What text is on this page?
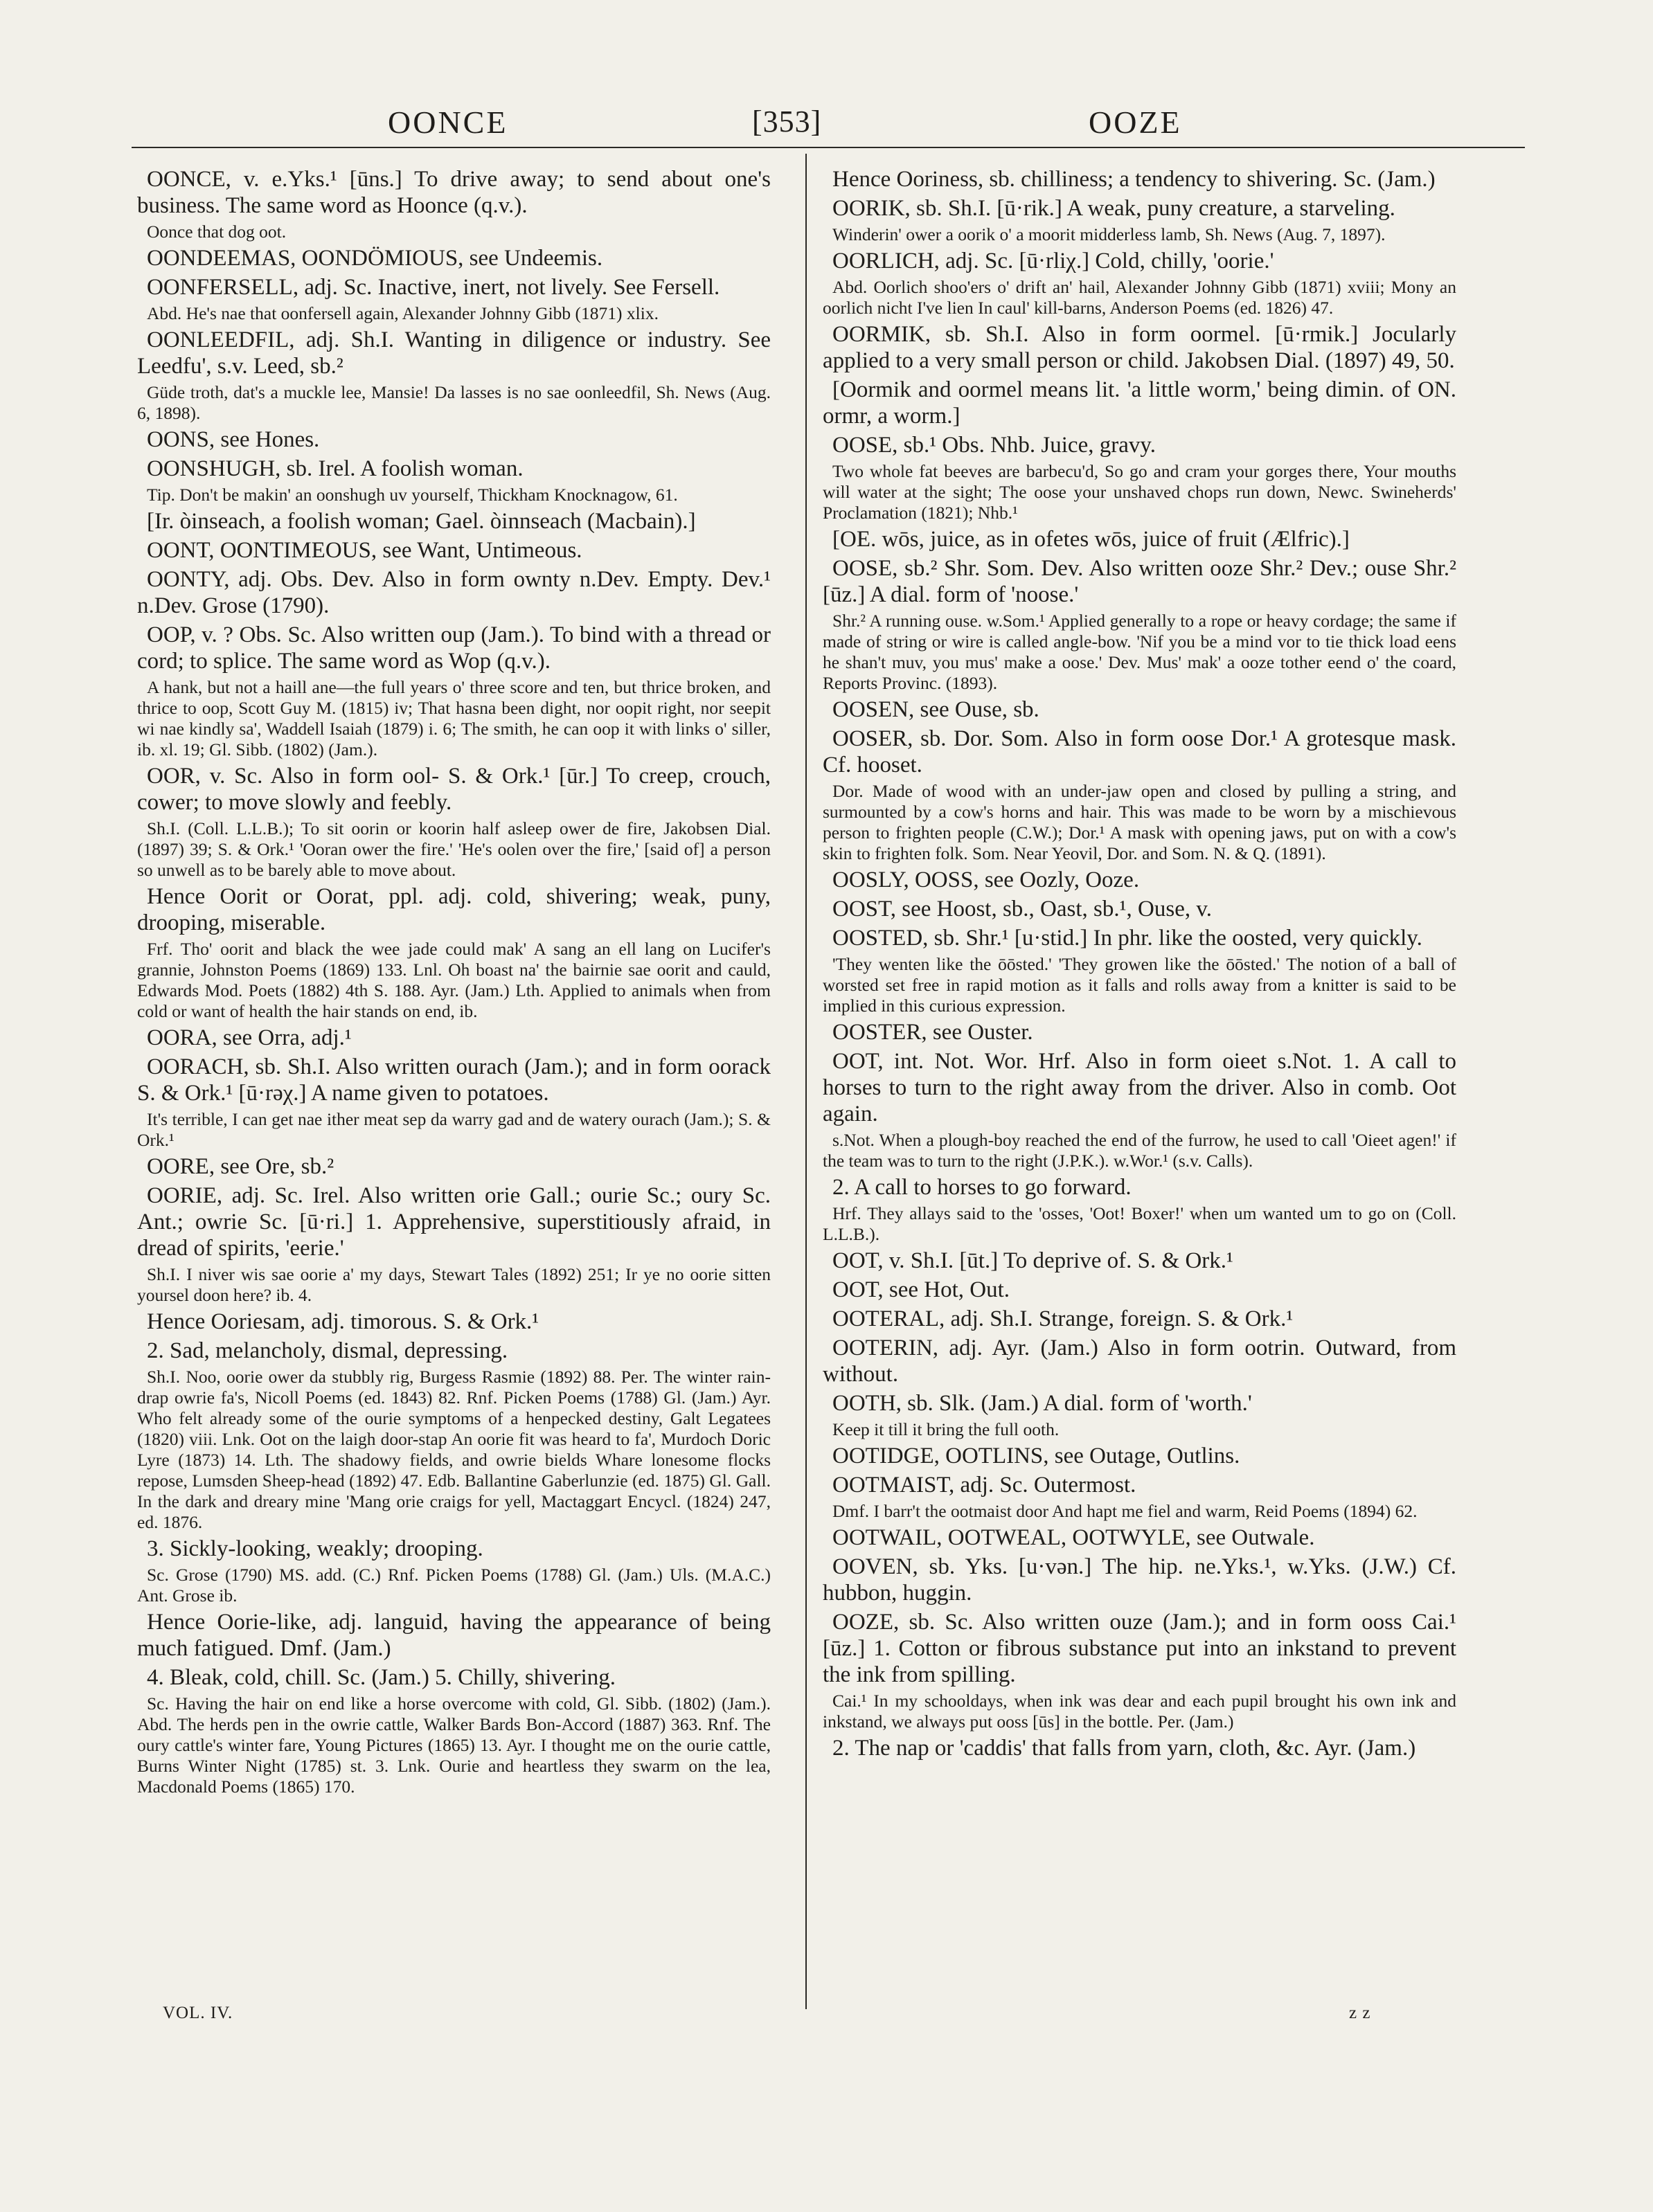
OONCE	[353]	OOZE

OONCE, v. e.Yks.¹ [ūns.] To drive away; to send about one's business. The same word as Hoonce (q.v.).

Oonce that dog oot.

OONDEEMAS, OONDÖMIOUS, see Undeemis.

OONFERSELL, adj. Sc. Inactive, inert, not lively. See Fersell.

Abd. He's nae that oonfersell again, Alexander Johnny Gibb (1871) xlix.

OONLEEDFIL, adj. Sh.I. Wanting in diligence or industry. See Leedfu', s.v. Leed, sb.²

Güde troth, dat's a muckle lee, Mansie! Da lasses is no sae oonleedfil, Sh. News (Aug. 6, 1898).

OONS, see Hones.

OONSHUGH, sb. Irel. A foolish woman.

Tip. Don't be makin' an oonshugh uv yourself, Thickham Knocknagow, 61.

[Ir. òinseach, a foolish woman; Gael. òinnseach (Macbain).]

OONT, OONTIMEOUS, see Want, Untimeous.

OONTY, adj. Obs. Dev. Also in form ownty n.Dev. Empty. Dev.¹ n.Dev. Grose (1790).

OOP, v. ? Obs. Sc. Also written oup (Jam.). To bind with a thread or cord; to splice. The same word as Wop (q.v.).

A hank, but not a haill ane—the full years o' three score and ten, but thrice broken, and thrice to oop, Scott Guy M. (1815) iv; That hasna been dight, nor oopit right, nor seepit wi nae kindly sa', Waddell Isaiah (1879) i. 6; The smith, he can oop it with links o' siller, ib. xl. 19; Gl. Sibb. (1802) (Jam.).

OOR, v. Sc. Also in form ool- S. & Ork.¹ [ūr.] To creep, crouch, cower; to move slowly and feebly.

Sh.I. (Coll. L.L.B.); To sit oorin or koorin half asleep ower de fire, Jakobsen Dial. (1897) 39; S. & Ork.¹ 'Ooran ower the fire.' 'He's oolen over the fire,' [said of] a person so unwell as to be barely able to move about.

Hence Oorit or Oorat, ppl. adj. cold, shivering; weak, puny, drooping, miserable.

Frf. Tho' oorit and black the wee jade could mak' A sang an ell lang on Lucifer's grannie, Johnston Poems (1869) 133. Lnl. Oh boast na' the bairnie sae oorit and cauld, Edwards Mod. Poets (1882) 4th S. 188. Ayr. (Jam.) Lth. Applied to animals when from cold or want of health the hair stands on end, ib.

OORA, see Orra, adj.¹

OORACH, sb. Sh.I. Also written ourach (Jam.); and in form oorack S. & Ork.¹ [ū·rəχ.] A name given to potatoes.

It's terrible, I can get nae ither meat sep da warry gad and de watery ourach (Jam.); S. & Ork.¹

OORE, see Ore, sb.²

OORIE, adj. Sc. Irel. Also written orie Gall.; ourie Sc.; oury Sc. Ant.; owrie Sc. [ū·ri.] 1. Apprehensive, superstitiously afraid, in dread of spirits, 'eerie.'

Sh.I. I niver wis sae oorie a' my days, Stewart Tales (1892) 251; Ir ye no oorie sitten yoursel doon here? ib. 4.

Hence Ooriesam, adj. timorous. S. & Ork.¹

2. Sad, melancholy, dismal, depressing.

Sh.I. Noo, oorie ower da stubbly rig, Burgess Rasmie (1892) 88. Per. The winter rain-drap owrie fa's, Nicoll Poems (ed. 1843) 82. Rnf. Picken Poems (1788) Gl. (Jam.) Ayr. Who felt already some of the ourie symptoms of a henpecked destiny, Galt Legatees (1820) viii. Lnk. Oot on the laigh door-stap An oorie fit was heard to fa', Murdoch Doric Lyre (1873) 14. Lth. The shadowy fields, and owrie bields Whare lonesome flocks repose, Lumsden Sheep-head (1892) 47. Edb. Ballantine Gaberlunzie (ed. 1875) Gl. Gall. In the dark and dreary mine 'Mang orie craigs for yell, Mactaggart Encycl. (1824) 247, ed. 1876.

3. Sickly-looking, weakly; drooping.

Sc. Grose (1790) MS. add. (C.) Rnf. Picken Poems (1788) Gl. (Jam.) Uls. (M.A.C.) Ant. Grose ib.

Hence Oorie-like, adj. languid, having the appearance of being much fatigued. Dmf. (Jam.)

4. Bleak, cold, chill. Sc. (Jam.) 5. Chilly, shivering.

Sc. Having the hair on end like a horse overcome with cold, Gl. Sibb. (1802) (Jam.). Abd. The herds pen in the owrie cattle, Walker Bards Bon-Accord (1887) 363. Rnf. The oury cattle's winter fare, Young Pictures (1865) 13. Ayr. I thought me on the ourie cattle, Burns Winter Night (1785) st. 3. Lnk. Ourie and heartless they swarm on the lea, Macdonald Poems (1865) 170.

Hence Ooriness, sb. chilliness; a tendency to shivering. Sc. (Jam.)

OORIK, sb. Sh.I. [ū·rik.] A weak, puny creature, a starveling.

Winderin' ower a oorik o' a moorit midderless lamb, Sh. News (Aug. 7, 1897).

OORLICH, adj. Sc. [ū·rliχ.] Cold, chilly, 'oorie.'

Abd. Oorlich shoo'ers o' drift an' hail, Alexander Johnny Gibb (1871) xviii; Mony an oorlich nicht I've lien In caul' kill-barns, Anderson Poems (ed. 1826) 47.

OORMIK, sb. Sh.I. Also in form oormel. [ū·rmik.] Jocularly applied to a very small person or child. Jakobsen Dial. (1897) 49, 50.

[Oormik and oormel means lit. 'a little worm,' being dimin. of ON. ormr, a worm.]

OOSE, sb.¹ Obs. Nhb. Juice, gravy.

Two whole fat beeves are barbecu'd, So go and cram your gorges there, Your mouths will water at the sight; The oose your unshaved chops run down, Newc. Swineherds' Proclamation (1821); Nhb.¹

[OE. wōs, juice, as in ofetes wōs, juice of fruit (Ælfric).]

OOSE, sb.² Shr. Som. Dev. Also written ooze Shr.² Dev.; ouse Shr.² [ūz.] A dial. form of 'noose.'

Shr.² A running ouse. w.Som.¹ Applied generally to a rope or heavy cordage; the same if made of string or wire is called angle-bow. 'Nif you be a mind vor to tie thick load eens he shan't muv, you mus' make a oose.' Dev. Mus' mak' a ooze tother eend o' the coard, Reports Provinc. (1893).

OOSEN, see Ouse, sb.

OOSER, sb. Dor. Som. Also in form oose Dor.¹ A grotesque mask. Cf. hooset.

Dor. Made of wood with an under-jaw open and closed by pulling a string, and surmounted by a cow's horns and hair. This was made to be worn by a mischievous person to frighten people (C.W.); Dor.¹ A mask with opening jaws, put on with a cow's skin to frighten folk. Som. Near Yeovil, Dor. and Som. N. & Q. (1891).

OOSLY, OOSS, see Oozly, Ooze.

OOST, see Hoost, sb., Oast, sb.¹, Ouse, v.

OOSTED, sb. Shr.¹ [u·stid.] In phr. like the oosted, very quickly.

'They wenten like the ōōsted.' 'They growen like the ōōsted.' The notion of a ball of worsted set free in rapid motion as it falls and rolls away from a knitter is said to be implied in this curious expression.

OOSTER, see Ouster.

OOT, int. Not. Wor. Hrf. Also in form oieet s.Not. 1. A call to horses to turn to the right away from the driver. Also in comb. Oot again.

s.Not. When a plough-boy reached the end of the furrow, he used to call 'Oieet agen!' if the team was to turn to the right (J.P.K.). w.Wor.¹ (s.v. Calls).

2. A call to horses to go forward.

Hrf. They allays said to the 'osses, 'Oot! Boxer!' when um wanted um to go on (Coll. L.L.B.).

OOT, v. Sh.I. [ūt.] To deprive of. S. & Ork.¹

OOT, see Hot, Out.

OOTERAL, adj. Sh.I. Strange, foreign. S. & Ork.¹

OOTERIN, adj. Ayr. (Jam.) Also in form ootrin. Outward, from without.

OOTH, sb. Slk. (Jam.) A dial. form of 'worth.'

Keep it till it bring the full ooth.

OOTIDGE, OOTLINS, see Outage, Outlins.

OOTMAIST, adj. Sc. Outermost.

Dmf. I barr't the ootmaist door And hapt me fiel and warm, Reid Poems (1894) 62.

OOTWAIL, OOTWEAL, OOTWYLE, see Outwale.

OOVEN, sb. Yks. [u·vən.] The hip. ne.Yks.¹, w.Yks. (J.W.) Cf. hubbon, huggin.

OOZE, sb. Sc. Also written ouze (Jam.); and in form ooss Cai.¹ [ūz.] 1. Cotton or fibrous substance put into an inkstand to prevent the ink from spilling.

Cai.¹ In my schooldays, when ink was dear and each pupil brought his own ink and inkstand, we always put ooss [ūs] in the bottle. Per. (Jam.)

2. The nap or 'caddis' that falls from yarn, cloth, &c. Ayr. (Jam.)

VOL. IV.	z z
